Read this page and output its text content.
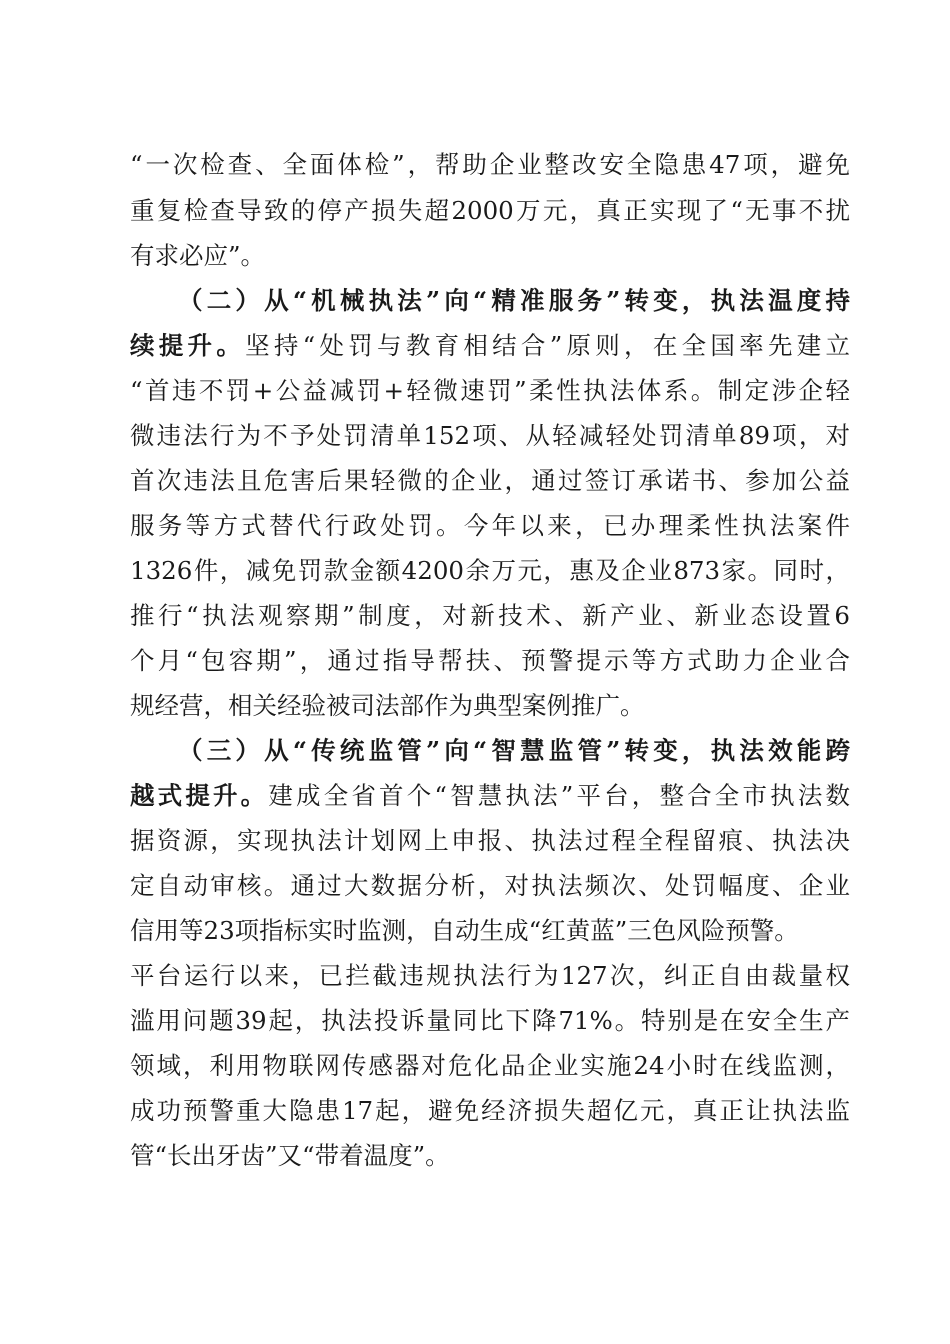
“一次检查、全面体检”，帮助企业整改安全隐患47项，避免
重复检查导致的停产损失超2000万元，真正实现了“无事不扰
有求必应”。
（二）从“机械执法”向“精准服务”转变，执法温度持
续提升。坚持“处罚与教育相结合”原则，在全国率先建立
“首违不罚+公益减罚+轻微速罚”柔性执法体系。制定涉企轻
微违法行为不予处罚清单152项、从轻减轻处罚清单89项，对
首次违法且危害后果轻微的企业，通过签订承诺书、参加公益
服务等方式替代行政处罚。今年以来，已办理柔性执法案件
1326件，减免罚款金额4200余万元，惠及企业873家。同时，
推行“执法观察期”制度，对新技术、新产业、新业态设置6
个月“包容期”，通过指导帮扶、预警提示等方式助力企业合
规经营，相关经验被司法部作为典型案例推广。
（三）从“传统监管”向“智慧监管”转变，执法效能跨
越式提升。建成全省首个“智慧执法”平台，整合全市执法数
据资源，实现执法计划网上申报、执法过程全程留痕、执法决
定自动审核。通过大数据分析，对执法频次、处罚幅度、企业
信用等23项指标实时监测，自动生成“红黄蓝”三色风险预警。
平台运行以来，已拦截违规执法行为127次，纠正自由裁量权
滥用问题39起，执法投诉量同比下降71%。特别是在安全生产
领域，利用物联网传感器对危化品企业实施24小时在线监测，
成功预警重大隐患17起，避免经济损失超亿元，真正让执法监
管“长出牙齿”又“带着温度”。
